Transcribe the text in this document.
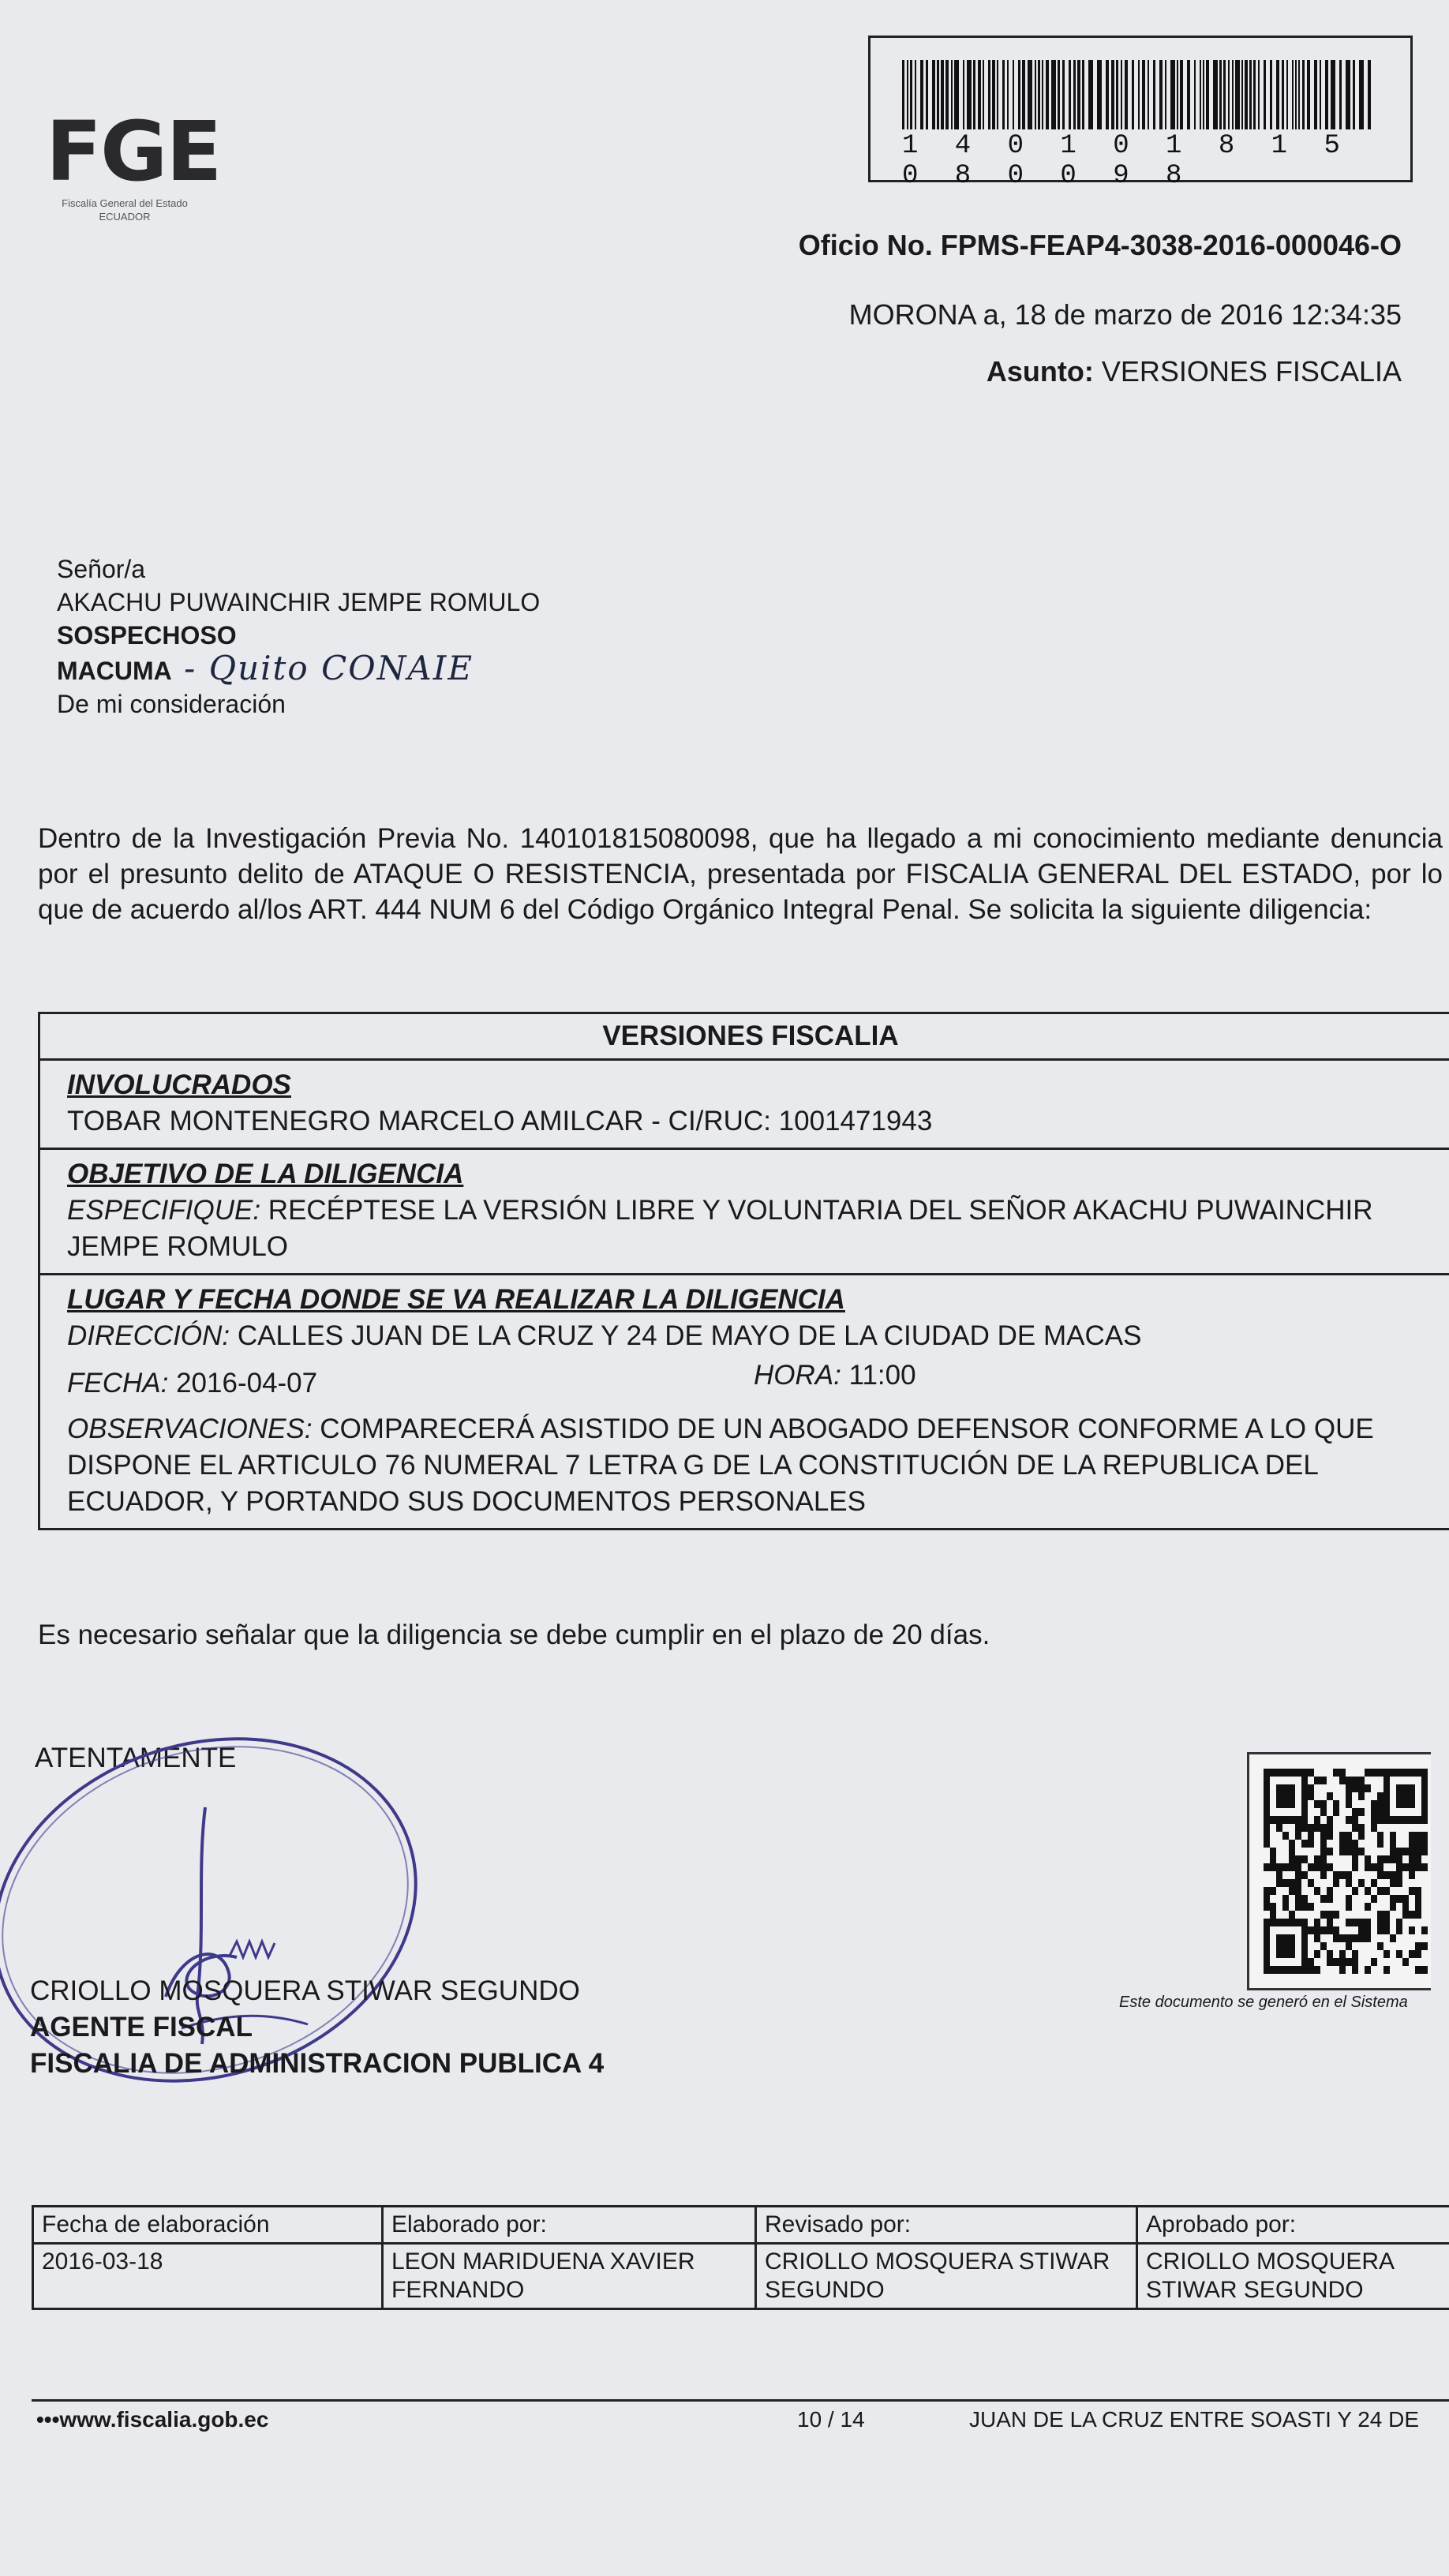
FGE
Fiscalía General del Estado
ECUADOR
1 4 0 1 0 1 8 1 5 0 8 0 0 9 8
Oficio No. FPMS-FEAP4-3038-2016-000046-O
MORONA a, 18 de marzo de 2016 12:34:35
Asunto: VERSIONES FISCALIA
Señor/a
AKACHU PUWAINCHIR JEMPE ROMULO
SOSPECHOSO
MACUMA - Quito CONAIE
De mi consideración
Dentro de la Investigación Previa No. 140101815080098, que ha llegado a mi conocimiento mediante denuncia por el presunto delito de ATAQUE O RESISTENCIA, presentada por FISCALIA GENERAL DEL ESTADO, por lo que de acuerdo al/los ART. 444 NUM 6 del Código Orgánico Integral Penal. Se solicita la siguiente diligencia:
VERSIONES FISCALIA
INVOLUCRADOS
TOBAR MONTENEGRO MARCELO AMILCAR - CI/RUC: 1001471943
OBJETIVO DE LA DILIGENCIA
ESPECIFIQUE: RECÉPTESE LA VERSIÓN LIBRE Y VOLUNTARIA DEL SEÑOR AKACHU PUWAINCHIR JEMPE ROMULO
LUGAR Y FECHA DONDE SE VA REALIZAR LA DILIGENCIA
DIRECCIÓN: CALLES JUAN DE LA CRUZ Y 24 DE MAYO DE LA CIUDAD DE MACAS
FECHA: 2016-04-07	HORA: 11:00
OBSERVACIONES: COMPARECERÁ ASISTIDO DE UN ABOGADO DEFENSOR CONFORME A LO QUE DISPONE EL ARTICULO 76 NUMERAL 7 LETRA G DE LA CONSTITUCIÓN DE LA REPUBLICA DEL ECUADOR, Y PORTANDO SUS DOCUMENTOS PERSONALES
Es necesario señalar que la diligencia se debe cumplir en el plazo de 20 días.
ATENTAMENTE
CRIOLLO MOSQUERA STIWAR SEGUNDO
AGENTE FISCAL
FISCALIA DE ADMINISTRACION PUBLICA 4
Este documento se generó en el Sistema
Fecha de elaboración	Elaborado por:	Revisado por:	Aprobado por:
2016-03-18	LEON MARIDUENA XAVIER FERNANDO	CRIOLLO MOSQUERA STIWAR SEGUNDO	CRIOLLO MOSQUERA STIWAR SEGUNDO
•••www.fiscalia.gob.ec	10 / 14	JUAN DE LA CRUZ ENTRE SOASTI Y 24 DE
